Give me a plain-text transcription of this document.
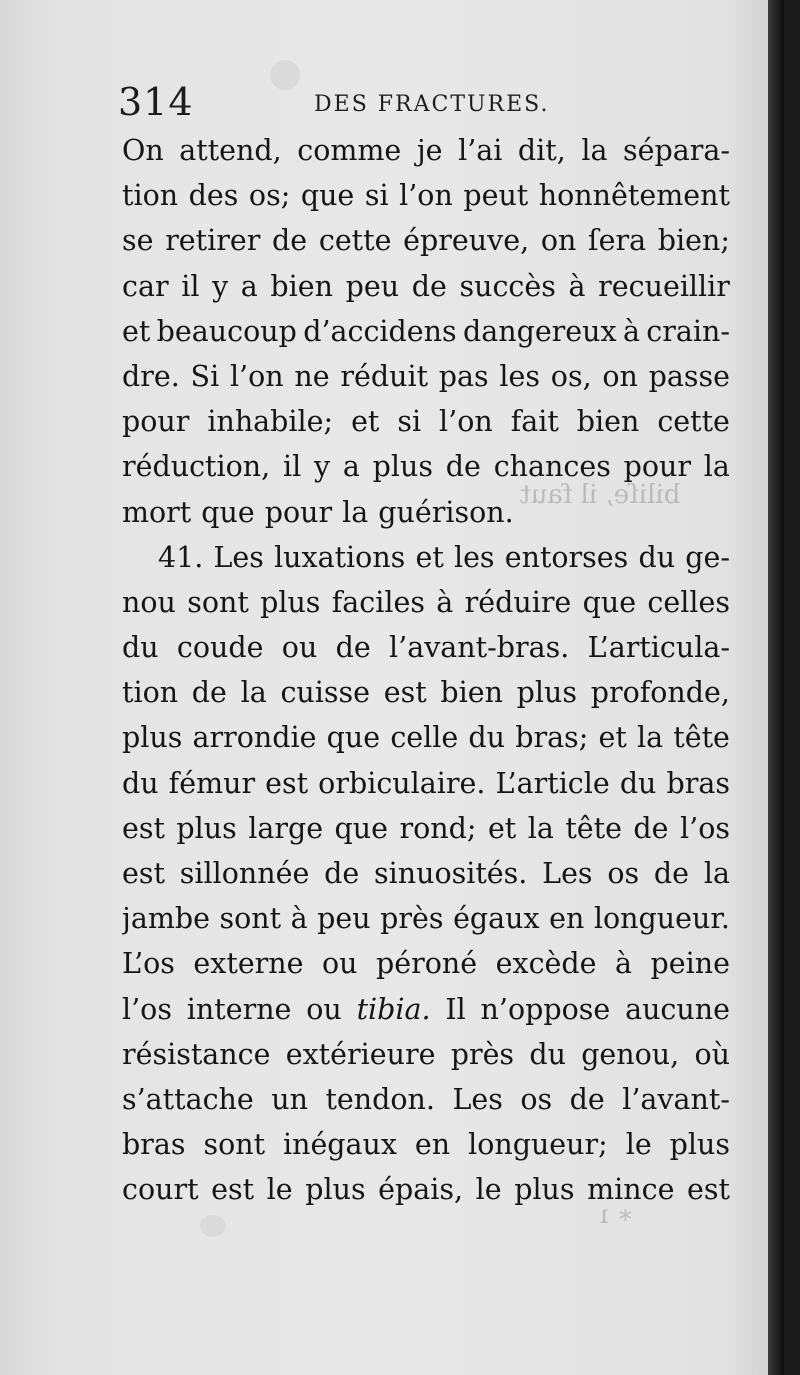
314	DES FRACTURES.
biliſe, il faut
∗ ı
On attend, comme je l’ai dit, la sépara-
tion des os; que si l’on peut honnêtement
se retirer de cette épreuve, on ſera bien;
car il y a bien peu de succès à recueillir
et beaucoup d’accidens dangereux à crain-
dre. Si l’on ne réduit pas les os, on passe
pour inhabile; et si l’on fait bien cette
réduction, il y a plus de chances pour la
mort que pour la guérison.
41. Les luxations et les entorses du ge-
nou sont plus faciles à réduire que celles
du coude ou de l’avant-bras. L’articula-
tion de la cuisse est bien plus profonde,
plus arrondie que celle du bras; et la tête
du fémur est orbiculaire. L’article du bras
est plus large que rond; et la tête de l’os
est sillonnée de sinuosités. Les os de la
jambe sont à peu près égaux en longueur.
L’os externe ou péroné excède à peine
l’os interne ou tibia. Il n’oppose aucune
résistance extérieure près du genou, où
s’attache un tendon. Les os de l’avant-
bras sont inégaux en longueur; le plus
court est le plus épais, le plus mince est
